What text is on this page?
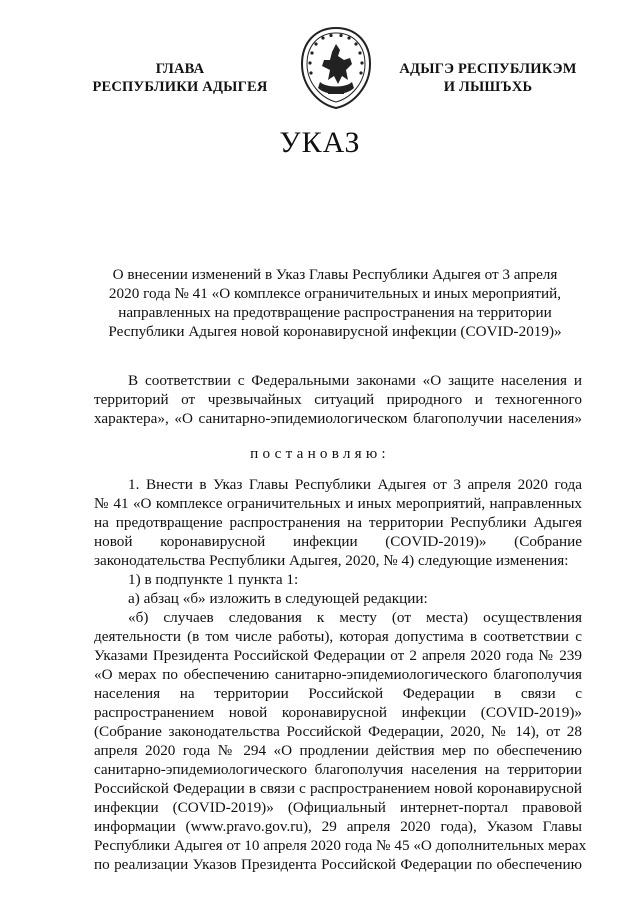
ГЛАВА
РЕСПУБЛИКИ АДЫГЕЯ
АДЫГЭ РЕСПУБЛИКЭМ
И ЛЫШЪХЬ
УКАЗ
О внесении изменений в Указ Главы Республики Адыгея от 3 апреля
2020 года № 41 «О комплексе ограничительных и иных мероприятий,
направленных на предотвращение распространения на территории
Республики Адыгея новой коронавирусной инфекции (COVID-2019)»
В соответствии с Федеральными законами «О защите населения и
территорий от чрезвычайных ситуаций природного и техногенного
характера», «О санитарно-эпидемиологическом благополучии населения»
постановляю:
1. Внести в Указ Главы Республики Адыгея от 3 апреля 2020 года
№ 41 «О комплексе ограничительных и иных мероприятий, направленных
на предотвращение распространения на территории Республики Адыгея
новой коронавирусной инфекции (COVID-2019)» (Собрание
законодательства Республики Адыгея, 2020, № 4) следующие изменения:
1) в подпункте 1 пункта 1:
а) абзац «б» изложить в следующей редакции:
«б) случаев следования к месту (от места) осуществления
деятельности (в том числе работы), которая допустима в соответствии с
Указами Президента Российской Федерации от 2 апреля 2020 года № 239
«О мерах по обеспечению санитарно-эпидемиологического благополучия
населения на территории Российской Федерации в связи с
распространением новой коронавирусной инфекции (COVID-2019)»
(Собрание законодательства Российской Федерации, 2020, № 14), от 28
апреля 2020 года № 294 «О продлении действия мер по обеспечению
санитарно-эпидемиологического благополучия населения на территории
Российской Федерации в связи с распространением новой коронавирусной
инфекции (COVID-2019)» (Официальный интернет-портал правовой
информации (www.pravo.gov.ru), 29 апреля 2020 года), Указом Главы
Республики Адыгея от 10 апреля 2020 года № 45 «О дополнительных мерах
по реализации Указов Президента Российской Федерации по обеспечению
